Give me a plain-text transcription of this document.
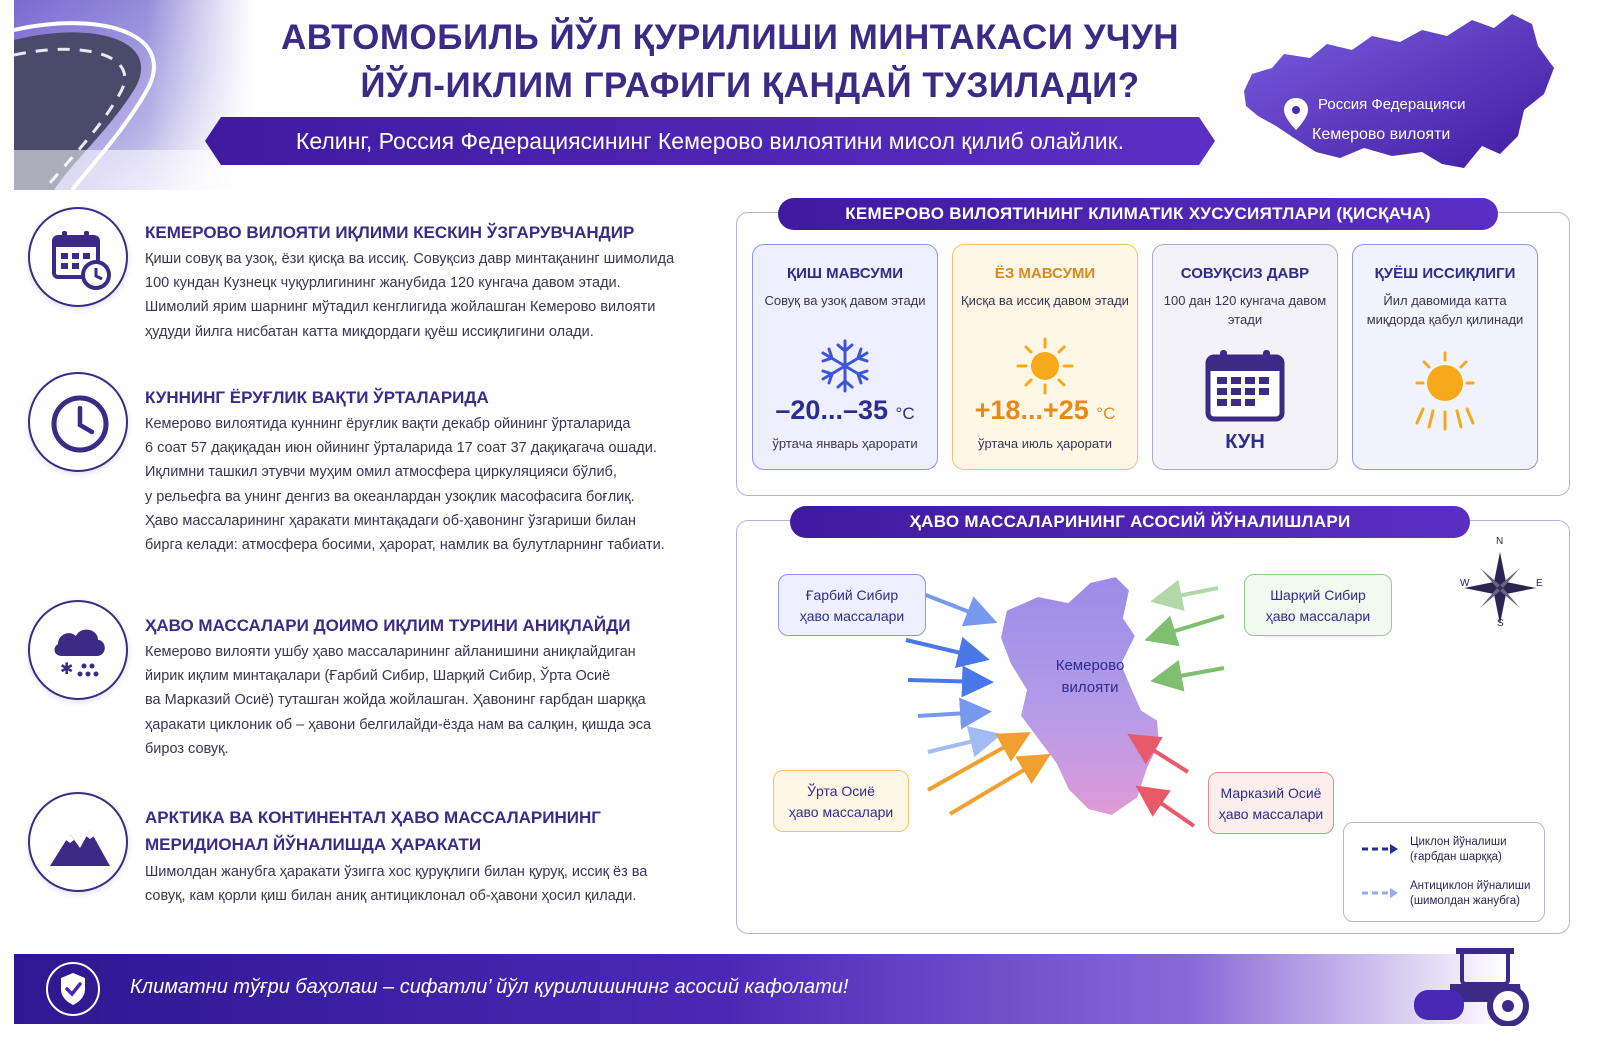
АВТОМОБИЛЬ ЙЎЛ ҚУРИЛИШИ МИНТАКАСИ УЧУН
ЙЎЛ-ИКЛИМ ГРАФИГИ ҚАНДАЙ ТУЗИЛАДИ?
Келинг, Россия Федерациясининг Кемерово вилоятини мисол қилиб олайлик.
Россия Федерацияси
Кемерово вилояти
КЕМЕРОВО ВИЛОЯТИ ИҚЛИМИ КЕСКИН ЎЗГАРУВЧАНДИР

Қиши совуқ ва узоқ, ёзи қисқа ва иссиқ. Совуқсиз давр минтақанинг шимолида
100 кундан Кузнецк чуқурлигининг жанубида 120 кунгача давом этади.
Шимолий ярим шарнинг мўтадил кенглигида жойлашган Кемерово вилояти
ҳудуди йилга нисбатан катта миқдордаги қуёш иссиқлигини олади.

КУННИНГ ЁРУҒЛИК ВАҚТИ ЎРТАЛАРИДА

Кемерово вилоятида куннинг ёруғлик вақти декабр ойининг ўрталарида
6 соат 57 дақиқадан июн ойининг ўрталарида 17 соат 37 дақиқагача ошади.
Иқлимни ташкил этувчи муҳим омил атмосфера циркуляцияси бўлиб,
у рельефга ва унинг денгиз ва океанлардан узоқлик масофасига боғлиқ.
Ҳаво массаларининг ҳаракати минтақадаги об-ҳавонинг ўзгариши билан
бирга келади: атмосфера босими, ҳарорат, намлик ва булутларнинг табиати.

✱
ҲАВО МАССАЛАРИ ДОИМО ИҚЛИМ ТУРИНИ АНИҚЛАЙДИ

Кемерово вилояти ушбу ҳаво массаларининг айланишини аниқлайдиган
йирик иқлим минтақалари (Ғарбий Сибир, Шарқий Сибир, Ўрта Осиё
ва Марказий Осиё) туташган жойда жойлашган. Ҳавонинг ғарбдан шарққа
ҳаракати циклоник об – ҳавони белгилайди-ёзда нам ва салқин, қишда эса
бироз совуқ.

АРКТИКА ВА КОНТИНЕНТАЛ ҲАВО МАССАЛАРИНИНГ МЕРИДИОНАЛ ЙЎНАЛИШДА ҲАРАКАТИ

Шимолдан жанубга ҳаракати ўзигга хос қуруқлиги билан қуруқ, иссиқ ёз ва
совуқ, кам қорли қиш билан аниқ антициклонал об-ҳавони ҳосил қилади.

КЕМЕРОВО ВИЛОЯТИНИНГ КЛИМАТИК ХУСУСИЯТЛАРИ (ҚИСҚАЧА)
ҚИШ МАВСУМИ
Совуқ ва узоқ давом этади
–20...–35 °C
ўртача январь ҳарорати
ЁЗ МАВСУМИ
Қисқа ва иссиқ давом этади
+18...+25 °C
ўртача июль ҳарорати
СОВУҚСИЗ ДАВР
100 дан 120 кунгача давом этади
КУН
ҚУЁШ ИССИҚЛИГИ
Йил давомида катта миқдорда қабул қилинади
ҲАВО МАССАЛАРИНИНГ АСОСИЙ ЙЎНАЛИШЛАРИ
Кемерово
вилояти
N
S
W	E
Ғарбий Сибир
ҳаво массалари
Шарқий Сибир
ҳаво массалари
Ўрта Осиё
ҳаво массалари
Марказий Осиё
ҳаво массалари
Циклон йўналиши
(ғарбдан шарққа)
Антициклон йўналиши
(шимолдан жанубга)
Климатни тўғри баҳолаш – сифатли’ йўл қурилишининг асосий кафолати!
